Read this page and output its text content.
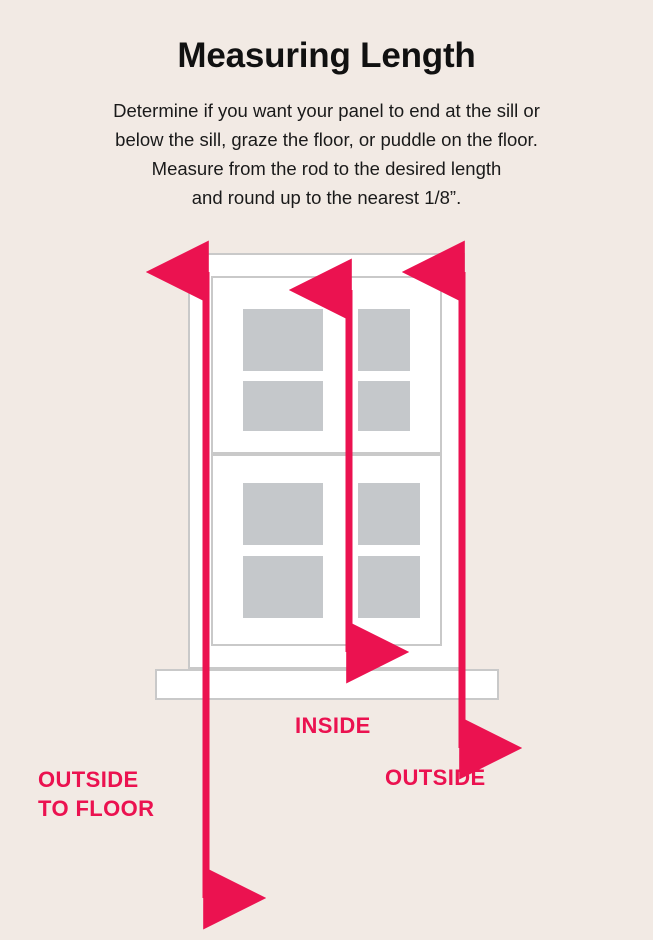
Measuring Length
Determine if you want your panel to end at the sill or
below the sill, graze the floor, or puddle on the floor.
Measure from the rod to the desired length
and round up to the nearest 1/8”.
INSIDE
OUTSIDE
OUTSIDE
TO FLOOR
